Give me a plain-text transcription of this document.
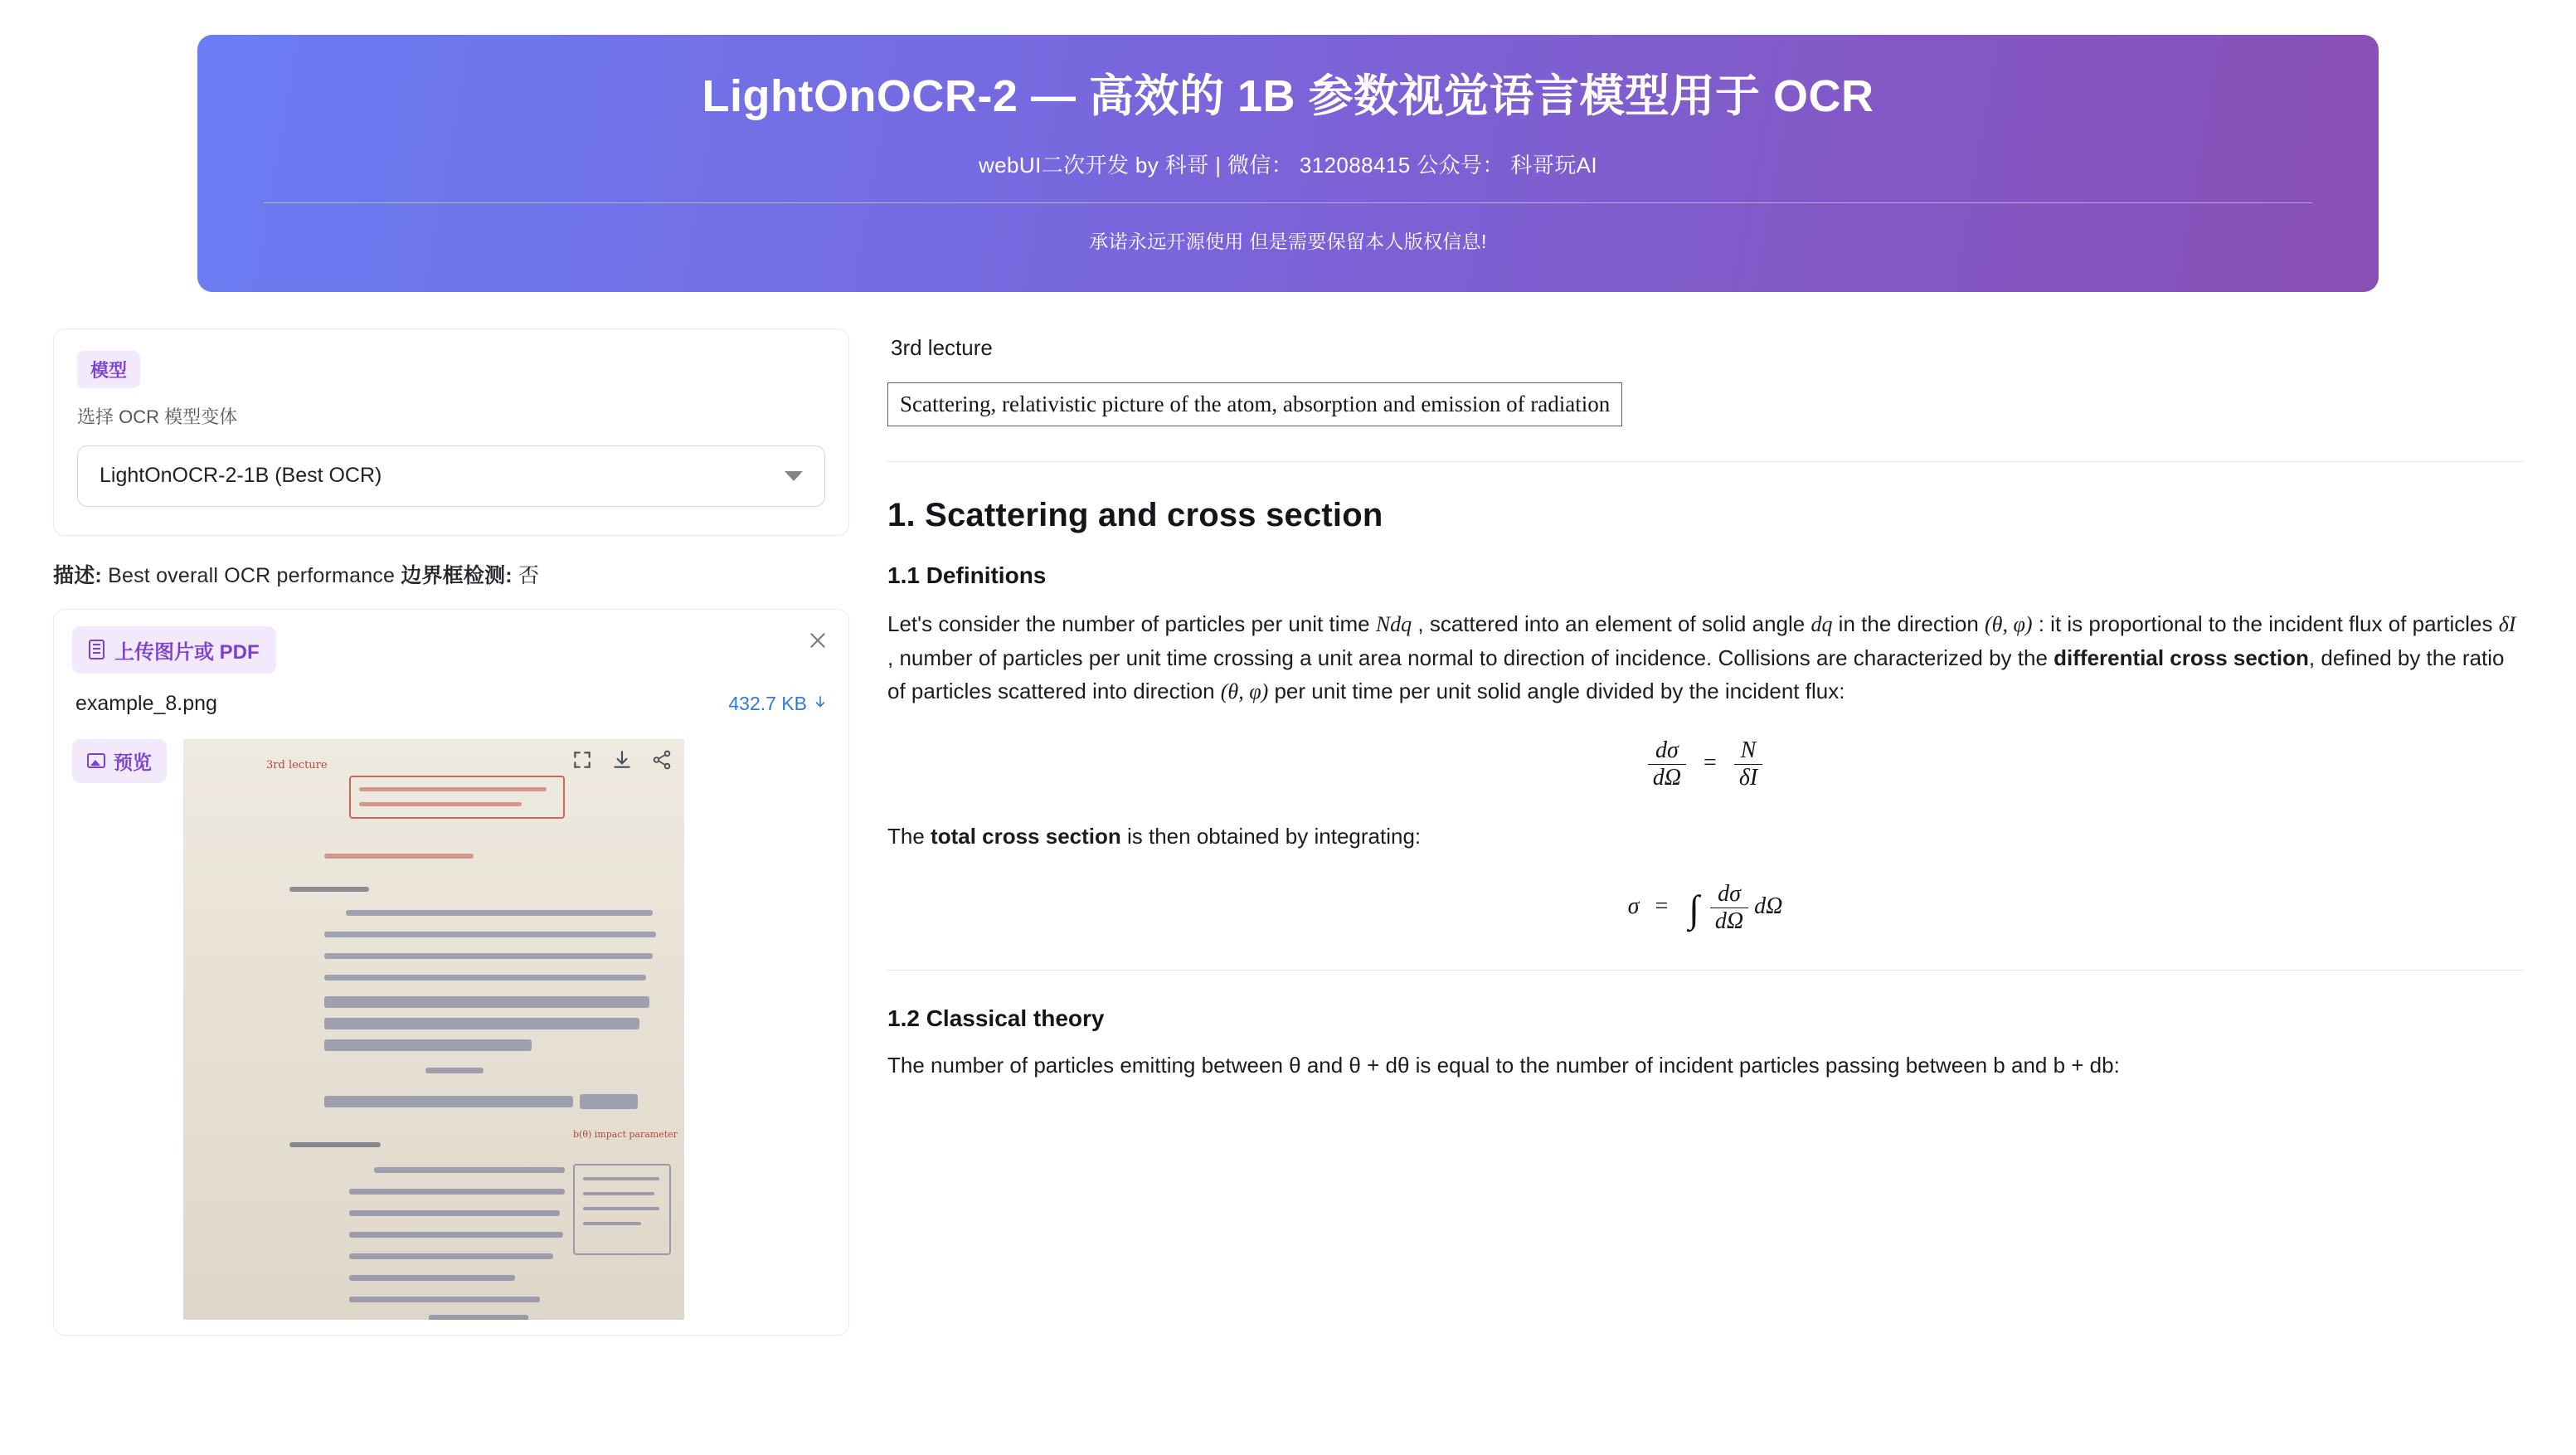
LightOnOCR-2 — 高效的 1B 参数视觉语言模型用于 OCR
webUI二次开发 by 科哥 | 微信： 312088415 公众号： 科哥玩AI
承诺永远开源使用 但是需要保留本人版权信息!
模型
选择 OCR 模型变体
LightOnOCR-2-1B (Best OCR)
描述: Best overall OCR performance 边界框检测: 否
上传图片或 PDF
example_8.png	432.7 KB
预览	3rd lecture
b(θ) impact parameter

3rd lecture

Scattering, relativistic picture of the atom, absorption and emission of radiation
1. Scattering and cross section
1.1 Definitions

Let's consider the number of particles per unit time Ndq , scattered into an element of solid angle dq in the direction (θ, φ) : it is proportional to the incident flux of particles δI , number of particles per unit time crossing a unit area normal to direction of incidence. Collisions are characterized by the differential cross section, defined by the ratio of particles scattered into direction (θ, φ) per unit time per unit solid angle divided by the incident flux:

$\frac{d\sigma}{d\Omega} = \frac{N}{\delta I}$

The total cross section is then obtained by integrating:

σ = ∫ $\frac{d\sigma}{d\Omega}$ dΩ
1.2 Classical theory

The number of particles emitting between θ and θ + dθ is equal to the number of incident particles passing between b and b + db:
